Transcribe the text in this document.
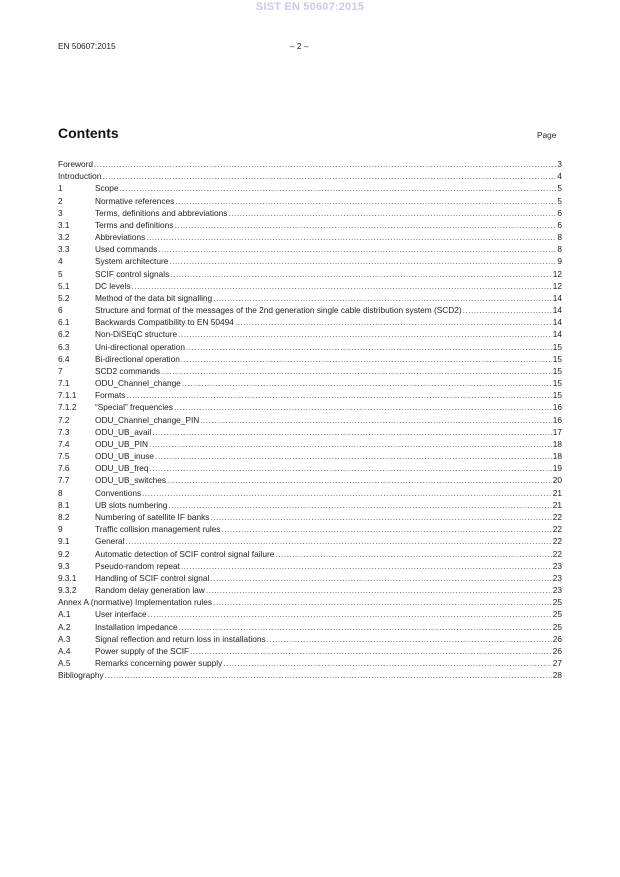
SIST EN 50607:2015
EN 50607:2015	– 2 –
Contents	Page
Foreword .....	3
Introduction .....	4
1	Scope .....	5
2	Normative references .....	5
3	Terms, definitions and abbreviations .....	6
3.1	Terms and definitions .....	6
3.2	Abbreviations .....	8
3.3	Used commands .....	8
4	System architecture .....	9
5	SCIF control signals .....	12
5.1	DC levels .....	12
5.2	Method of the data bit signalling .....	14
6	Structure and format of the messages of the 2nd generation single cable distribution system (SCD2) .....	14
6.1	Backwards Compatibility to EN 50494 .....	14
6.2	Non-DiSEqC structure .....	14
6.3	Uni-directional operation .....	15
6.4	Bi-directional operation .....	15
7	SCD2 commands .....	15
7.1	ODU_Channel_change .....	15
7.1.1	Formats .....	15
7.1.2	“Special” frequencies .....	16
7.2	ODU_Channel_change_PIN .....	16
7.3	ODU_UB_avail .....	17
7.4	ODU_UB_PIN .....	18
7.5	ODU_UB_inuse .....	18
7.6	ODU_UB_freq .....	19
7.7	ODU_UB_switches .....	20
8	Conventions .....	21
8.1	UB slots numbering .....	21
8.2	Numbering of satellite IF banks .....	22
9	Traffic collision management rules .....	22
9.1	General .....	22
9.2	Automatic detection of SCIF control signal failure .....	22
9.3	Pseudo-random repeat .....	23
9.3.1	Handling of SCIF control signal .....	23
9.3.2	Random delay generation law .....	23
Annex A (normative) Implementation rules .....	25
A.1	User interface .....	25
A.2	Installation impedance .....	25
A.3	Signal reflection and return loss in installations .....	26
A.4	Power supply of the SCIF .....	26
A.5	Remarks concerning power supply .....	27
Bibliography .....	28
